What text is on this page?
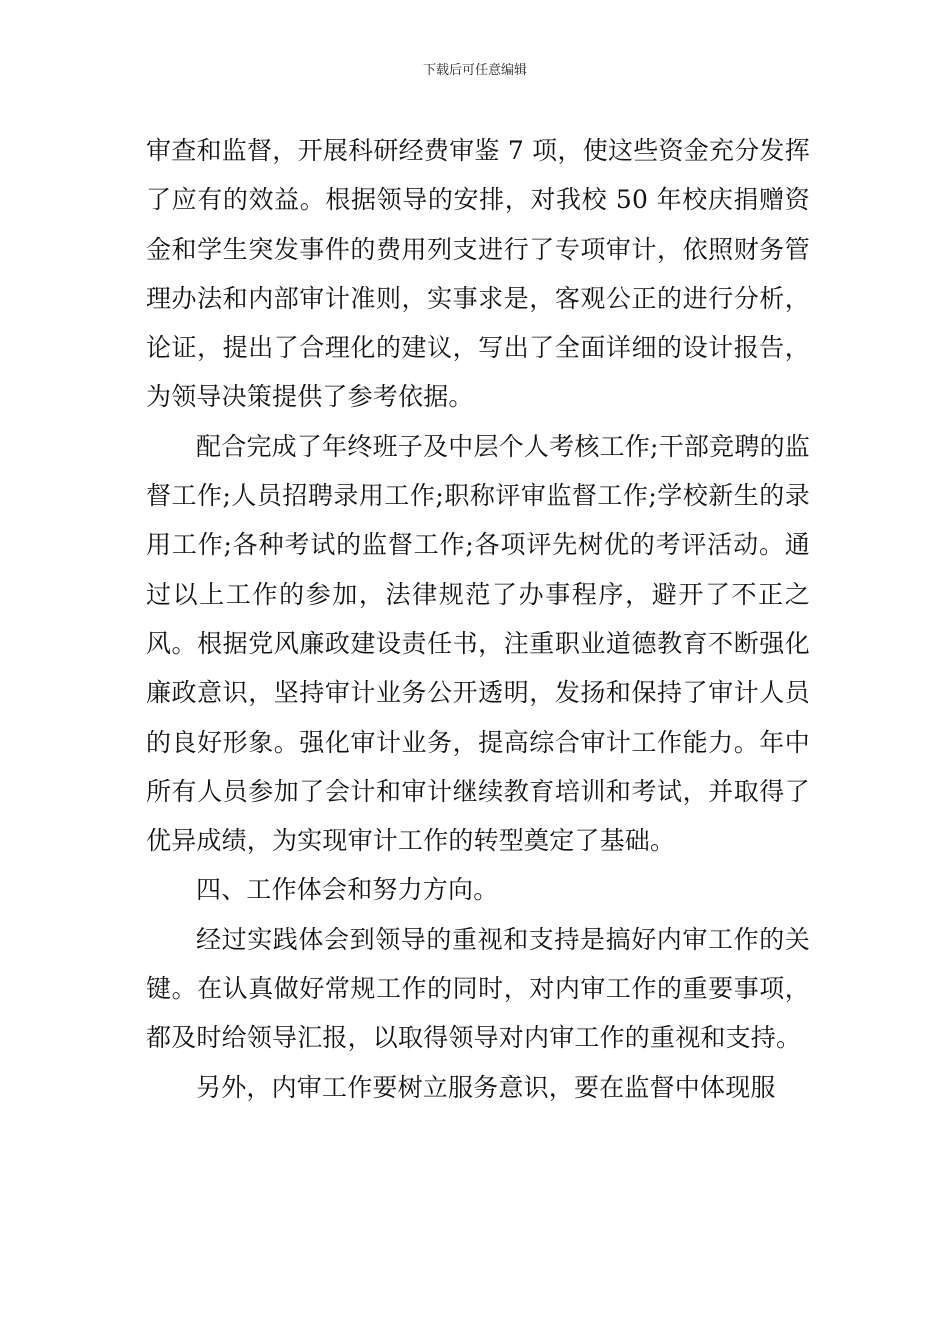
下载后可任意编辑

审查和监督，开展科研经费审鉴 7 项，使这些资金充分发挥了应有的效益。根据领导的安排，对我校 50 年校庆捐赠资金和学生突发事件的费用列支进行了专项审计，依照财务管理办法和内部审计准则，实事求是，客观公正的进行分析，论证，提出了合理化的建议，写出了全面详细的设计报告，为领导决策提供了参考依据。

配合完成了年终班子及中层个人考核工作;干部竞聘的监督工作;人员招聘录用工作;职称评审监督工作;学校新生的录用工作;各种考试的监督工作;各项评先树优的考评活动。通过以上工作的参加，法律规范了办事程序，避开了不正之风。根据党风廉政建设责任书，注重职业道德教育不断强化廉政意识，坚持审计业务公开透明，发扬和保持了审计人员的良好形象。强化审计业务，提高综合审计工作能力。年中所有人员参加了会计和审计继续教育培训和考试，并取得了优异成绩，为实现审计工作的转型奠定了基础。

四、工作体会和努力方向。

经过实践体会到领导的重视和支持是搞好内审工作的关键。在认真做好常规工作的同时，对内审工作的重要事项，都及时给领导汇报，以取得领导对内审工作的重视和支持。

另外，内审工作要树立服务意识，要在监督中体现服
